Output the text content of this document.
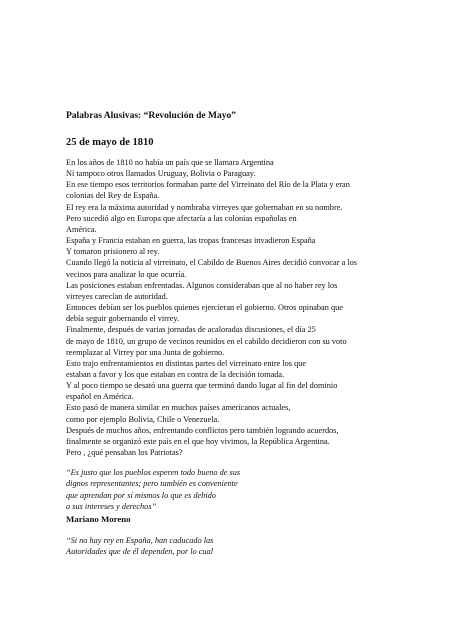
Palabras Alusivas: “Revolución de Mayo”
25 de mayo de 1810
En los años de 1810 no había un país que se llamara Argentina
Ni tampoco otros llamados Uruguay, Bolivia o Paraguay.
En ese tiempo esos territorios formaban parte del Virreinato del Río de la Plata y eran
colonias del Rey de España.
El rey era la máxima autoridad y nombraba virreyes que gobernaban en su nombre.
Pero sucedió algo en Europa que afectaría a las colonias españolas en
América.
España y Francia estaban en guerra, las tropas francesas invadieron España
Y tomaron prisionero al rey.
Cuando llegó la noticia al virreinato, el Cabildo de Buenos Aires decidió convocar a los
vecinos para analizar lo que ocurría.
Las posiciones estaban enfrentadas. Algunos consideraban que al no haber rey los
virreyes carecían de autoridad.
Entonces debían ser los pueblos quienes ejercieran el gobierno. Otros opinaban que
debía seguir gobernando el virrey.
Finalmente, después de varias jornadas de acaloradas discusiones, el día 25
de mayo de 1810, un grupo de vecinos reunidos en el cabildo decidieron con su voto
reemplazar al Virrey por una Junta de gobierno.
Esto trajo enfrentamientos en distintas partes del virreinato entre los que
estaban a favor y los que estaban en contra de la decisión tomada.
Y al poco tiempo se desató una guerra que terminó dando lugar al fin del dominio
español en América.
Esto pasó de manera similar en muchos países americanos actuales,
como por ejemplo Bolivia, Chile o Venezuela.
Después de muchos años, enfrentando conflictos pero también logrando acuerdos,
finalmente se organizó este país en el que hoy vivimos, la República Argentina.
Pero , ¿qué pensaban los Patriotas?
“Es justo que los pueblos esperen todo bueno de sus
dignos representantes; pero también es conveniente
que aprendan por sí mismos lo que es debido
a sus intereses y derechos”
Mariano Moreno
“Si no hay rey en España, han caducado las
Autoridades que de él dependen, por lo cual
